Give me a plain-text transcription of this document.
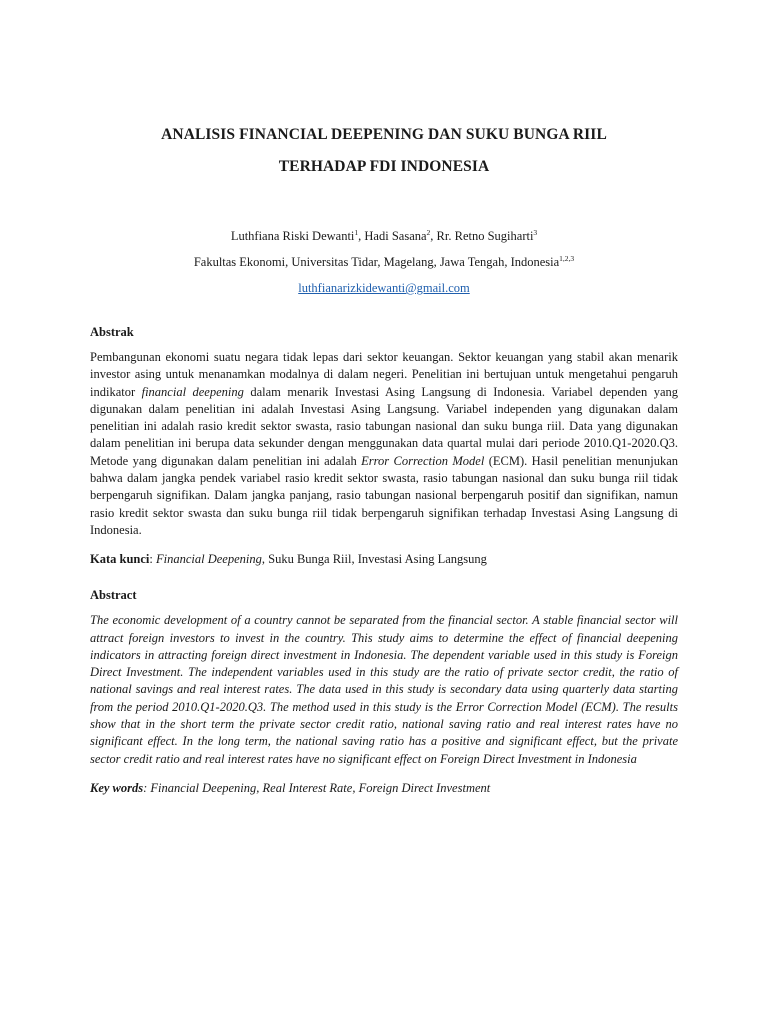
ANALISIS FINANCIAL DEEPENING DAN SUKU BUNGA RIIL
TERHADAP FDI INDONESIA
Luthfiana Riski Dewanti$^1$, Hadi Sasana$^2$, Rr. Retno Sugiharti$^3$
Fakultas Ekonomi, Universitas Tidar, Magelang, Jawa Tengah, Indonesia$^{1,2,3}$
luthfianarizkidewanti@gmail.com
Abstrak

Pembangunan ekonomi suatu negara tidak lepas dari sektor keuangan. Sektor keuangan yang stabil akan menarik investor asing untuk menanamkan modalnya di dalam negeri. Penelitian ini bertujuan untuk mengetahui pengaruh indikator financial deepening dalam menarik Investasi Asing Langsung di Indonesia. Variabel dependen yang digunakan dalam penelitian ini adalah Investasi Asing Langsung. Variabel independen yang digunakan dalam penelitian ini adalah rasio kredit sektor swasta, rasio tabungan nasional dan suku bunga riil. Data yang digunakan dalam penelitian ini berupa data sekunder dengan menggunakan data quartal mulai dari periode 2010.Q1-2020.Q3. Metode yang digunakan dalam penelitian ini adalah Error Correction Model (ECM). Hasil penelitian menunjukan bahwa dalam jangka pendek variabel rasio kredit sektor swasta, rasio tabungan nasional dan suku bunga riil tidak berpengaruh signifikan. Dalam jangka panjang, rasio tabungan nasional berpengaruh positif dan signifikan, namun rasio kredit sektor swasta dan suku bunga riil tidak berpengaruh signifikan terhadap Investasi Asing Langsung di Indonesia.

Kata kunci: Financial Deepening, Suku Bunga Riil, Investasi Asing Langsung
Abstract

The economic development of a country cannot be separated from the financial sector. A stable financial sector will attract foreign investors to invest in the country. This study aims to determine the effect of financial deepening indicators in attracting foreign direct investment in Indonesia. The dependent variable used in this study is Foreign Direct Investment. The independent variables used in this study are the ratio of private sector credit, the ratio of national savings and real interest rates. The data used in this study is secondary data using quarterly data starting from the period 2010.Q1-2020.Q3. The method used in this study is the Error Correction Model (ECM). The results show that in the short term the private sector credit ratio, national saving ratio and real interest rates have no significant effect. In the long term, the national saving ratio has a positive and significant effect, but the private sector credit ratio and real interest rates have no significant effect on Foreign Direct Investment in Indonesia

Key words: Financial Deepening, Real Interest Rate, Foreign Direct Investment
